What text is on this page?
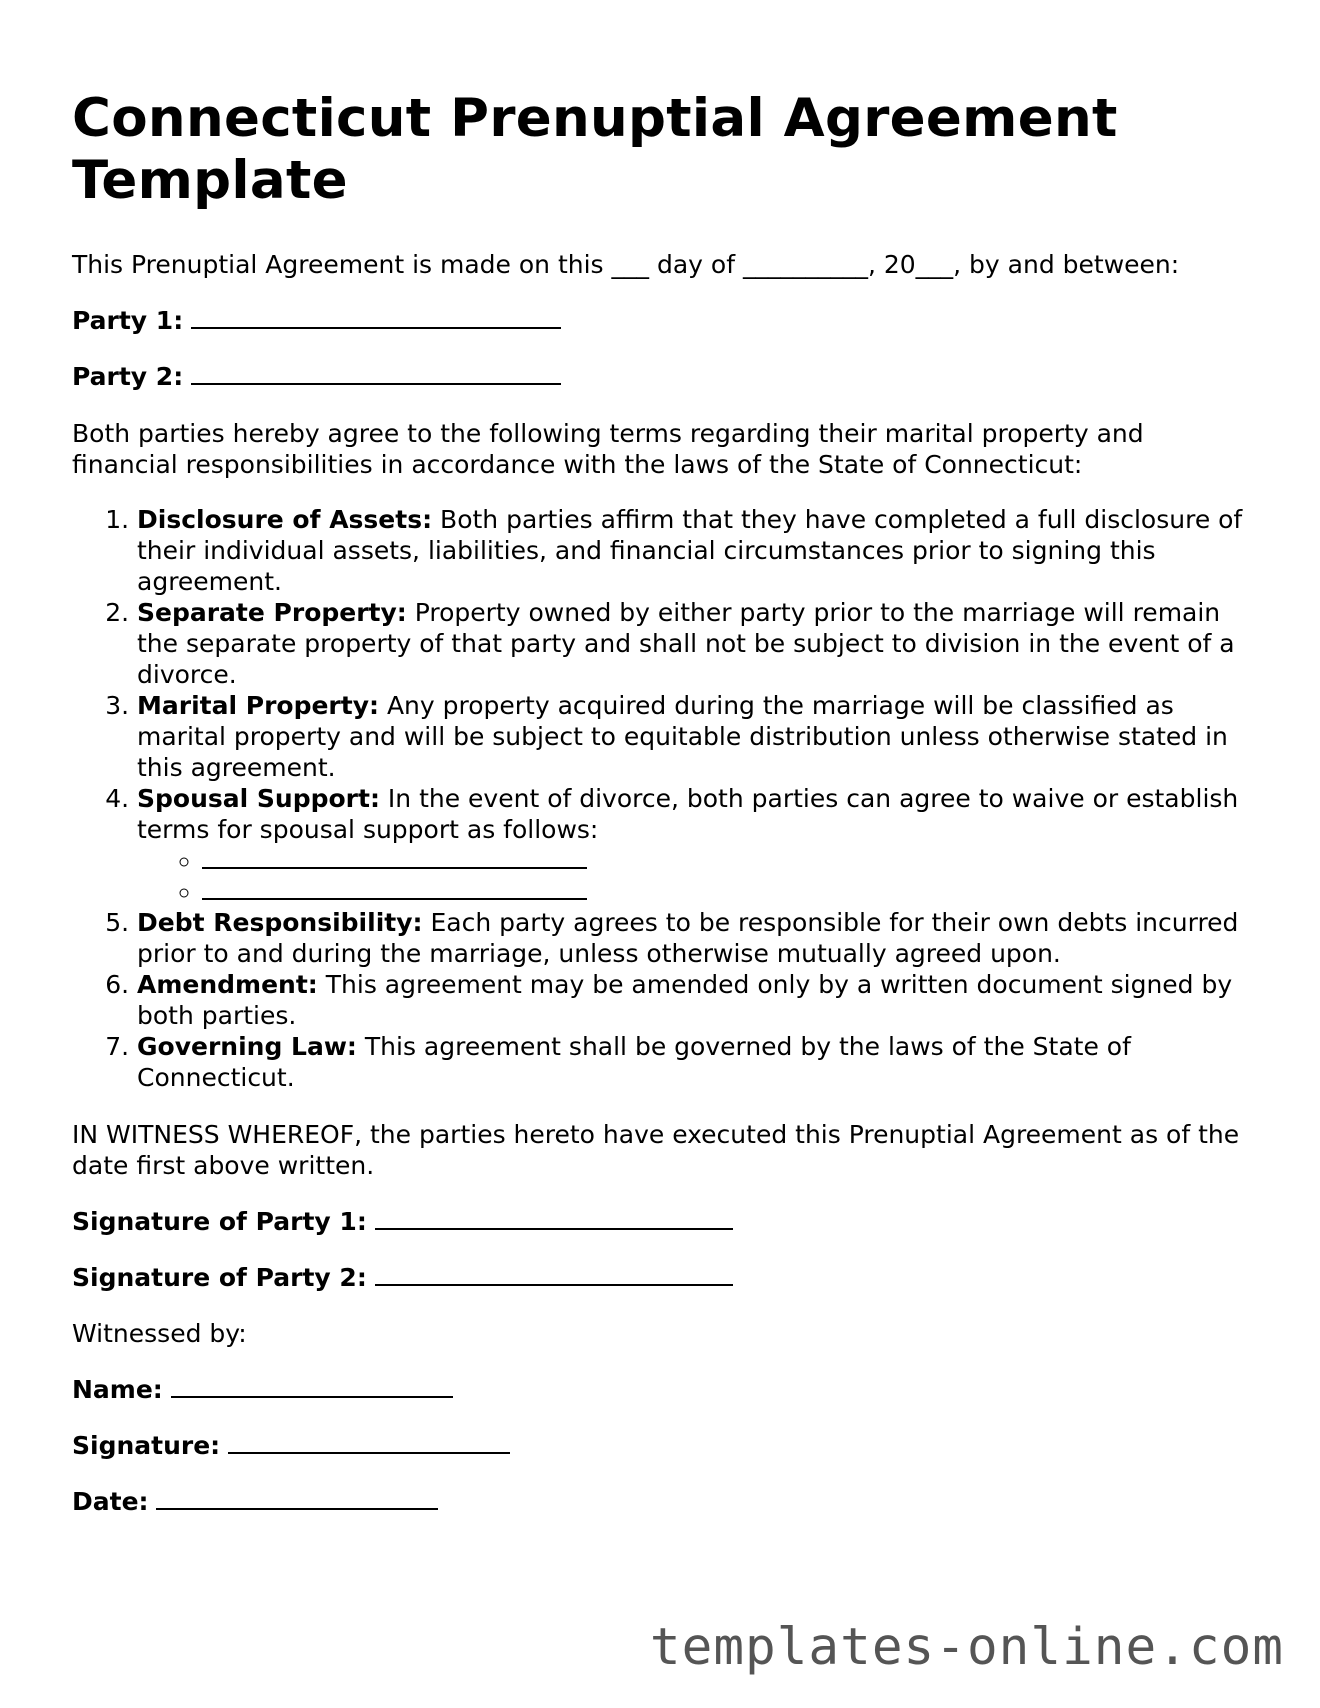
Connecticut Prenuptial Agreement Template

This Prenuptial Agreement is made on this ___ day of __________, 20___, by and between:

Party 1:

Party 2:

Both parties hereby agree to the following terms regarding their marital property and financial responsibilities in accordance with the laws of the State of Connecticut:

1. Disclosure of Assets: Both parties affirm that they have completed a full disclosure of their individual assets, liabilities, and financial circumstances prior to signing this agreement.
2. Separate Property: Property owned by either party prior to the marriage will remain the separate property of that party and shall not be subject to division in the event of a divorce.
3. Marital Property: Any property acquired during the marriage will be classified as marital property and will be subject to equitable distribution unless otherwise stated in this agreement.
4. Spousal Support: In the event of divorce, both parties can agree to waive or establish terms for spousal support as follows:
◦
◦
5. Debt Responsibility: Each party agrees to be responsible for their own debts incurred prior to and during the marriage, unless otherwise mutually agreed upon.
6. Amendment: This agreement may be amended only by a written document signed by both parties.
7. Governing Law: This agreement shall be governed by the laws of the State of Connecticut.

IN WITNESS WHEREOF, the parties hereto have executed this Prenuptial Agreement as of the date first above written.

Signature of Party 1:

Signature of Party 2:

Witnessed by:

Name:

Signature:

Date:

templates-online.com
